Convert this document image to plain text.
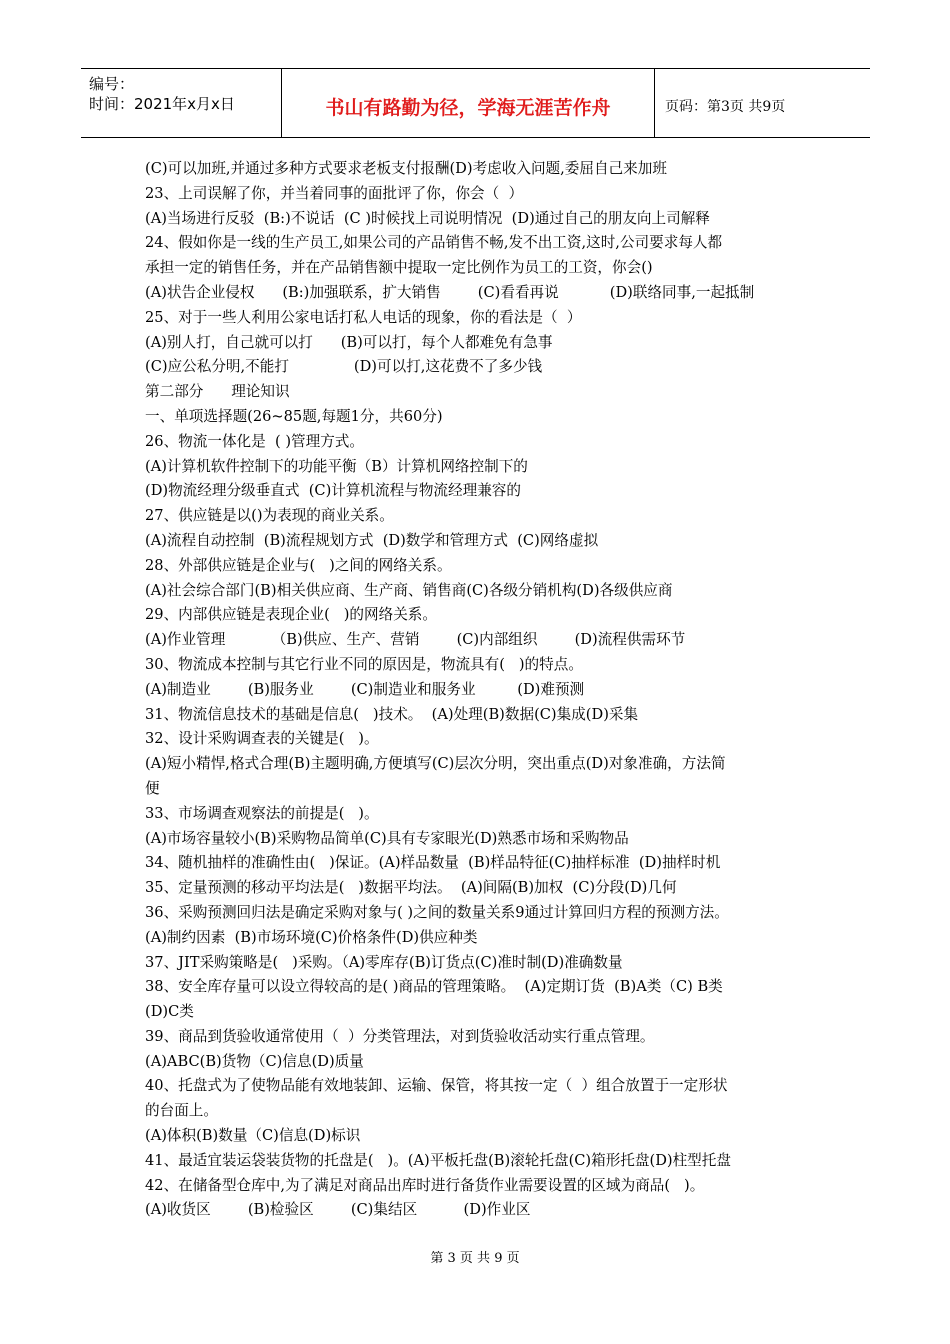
编号：
时间：2021年x月x日	书山有路勤为径，学海无涯苦作舟	页码：第3页 共9页
(C)可以加班,并通过多种方式要求老板支付报酬(D)考虑收入问题,委屈自己来加班
23、上司误解了你，并当着同事的面批评了你，你会（  ）
(A)当场进行反驳  (B:)不说话  (C )时候找上司说明情况  (D)通过自己的朋友向上司解释
24、假如你是一线的生产员工,如果公司的产品销售不畅,发不出工资,这时,公司要求每人都
承担一定的销售任务，并在产品销售额中提取一定比例作为员工的工资，你会()
(A)状告企业侵权      (B:)加强联系，扩大销售        (C)看看再说           (D)联络同事,一起抵制
25、对于一些人利用公家电话打私人电话的现象，你的看法是（  ）
(A)别人打，自己就可以打      (B)可以打，每个人都难免有急事
(C)应公私分明,不能打              (D)可以打,这花费不了多少钱
第二部分      理论知识
一、单项选择题(26~85题,每题1分，共60分)
26、物流一体化是  ( )管理方式。
(A)计算机软件控制下的功能平衡（B）计算机网络控制下的
(D)物流经理分级垂直式  (C)计算机流程与物流经理兼容的
27、供应链是以()为表现的商业关系。
(A)流程自动控制  (B)流程规划方式  (D)数学和管理方式  (C)网络虚拟
28、外部供应链是企业与(   )之间的网络关系。
(A)社会综合部门(B)相关供应商、生产商、销售商(C)各级分销机构(D)各级供应商
29、内部供应链是表现企业(   )的网络关系。
(A)作业管理          （B)供应、生产、营销        (C)内部组织        (D)流程供需环节
30、物流成本控制与其它行业不同的原因是，物流具有(   )的特点。
(A)制造业        (B)服务业        (C)制造业和服务业         (D)难预测
31、物流信息技术的基础是信息(   )技术。  (A)处理(B)数据(C)集成(D)采集
32、设计采购调查表的关键是(   )。
(A)短小精悍,格式合理(B)主题明确,方便填写(C)层次分明，突出重点(D)对象准确，方法简
便
33、市场调查观察法的前提是(   )。
(A)市场容量较小(B)采购物品简单(C)具有专家眼光(D)熟悉市场和采购物品
34、随机抽样的准确性由(   )保证。(A)样品数量  (B)样品特征(C)抽样标准  (D)抽样时机
35、定量预测的移动平均法是(   )数据平均法。  (A)间隔(B)加权  (C)分段(D)几何
36、采购预测回归法是确定采购对象与( )之间的数量关系9通过计算回归方程的预测方法。
(A)制约因素  (B)市场环境(C)价格条件(D)供应种类
37、JIT采购策略是(   )采购。（A)零库存(B)订货点(C)准时制(D)准确数量
38、安全库存量可以设立得较高的是( )商品的管理策略。  (A)定期订货  (B)A类（C) B类
(D)C类
39、商品到货验收通常使用（  ）分类管理法，对到货验收活动实行重点管理。
(A)ABC(B)货物（C)信息(D)质量
40、托盘式为了使物品能有效地装卸、运输、保管，将其按一定（  ）组合放置于一定形状
的台面上。
(A)体积(B)数量（C)信息(D)标识
41、最适宜装运袋装货物的托盘是(   )。(A)平板托盘(B)滚轮托盘(C)箱形托盘(D)柱型托盘
42、在储备型仓库中,为了满足对商品出库时进行备货作业需要设置的区域为商品(   )。
(A)收货区        (B)检验区        (C)集结区          (D)作业区
第 3 页 共 9 页
